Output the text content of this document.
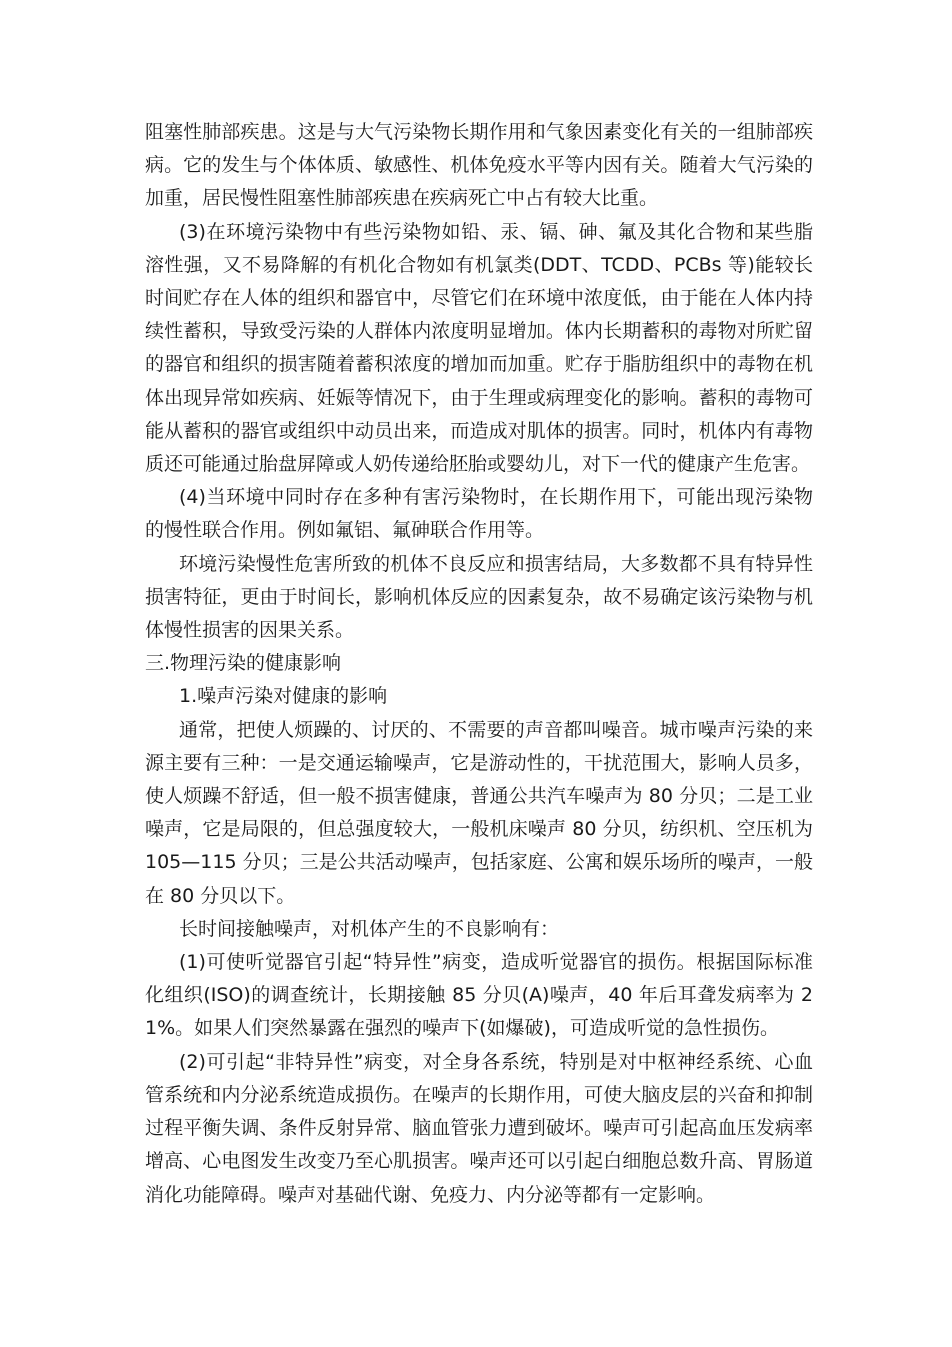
阻塞性肺部疾患。这是与大气污染物长期作用和气象因素变化有关的一组肺部疾病。它的发生与个体体质、敏感性、机体免疫水平等内因有关。随着大气污染的加重，居民慢性阻塞性肺部疾患在疾病死亡中占有较大比重。

(3)在环境污染物中有些污染物如铅、汞、镉、砷、氟及其化合物和某些脂溶性强，又不易降解的有机化合物如有机氯类(DDT、TCDD、PCBs 等)能较长时间贮存在人体的组织和器官中，尽管它们在环境中浓度低，由于能在人体内持续性蓄积，导致受污染的人群体内浓度明显增加。体内长期蓄积的毒物对所贮留的器官和组织的损害随着蓄积浓度的增加而加重。贮存于脂肪组织中的毒物在机体出现异常如疾病、妊娠等情况下，由于生理或病理变化的影响。蓄积的毒物可能从蓄积的器官或组织中动员出来，而造成对肌体的损害。同时，机体内有毒物质还可能通过胎盘屏障或人奶传递给胚胎或婴幼儿，对下一代的健康产生危害。

(4)当环境中同时存在多种有害污染物时，在长期作用下，可能出现污染物的慢性联合作用。例如氟铝、氟砷联合作用等。

环境污染慢性危害所致的机体不良反应和损害结局，大多数都不具有特异性损害特征，更由于时间长，影响机体反应的因素复杂，故不易确定该污染物与机体慢性损害的因果关系。

三.物理污染的健康影响

1.噪声污染对健康的影响

通常，把使人烦躁的、讨厌的、不需要的声音都叫噪音。城市噪声污染的来源主要有三种：一是交通运输噪声，它是游动性的，干扰范围大，影响人员多，使人烦躁不舒适，但一般不损害健康，普通公共汽车噪声为 80 分贝；二是工业噪声，它是局限的，但总强度较大，一般机床噪声 80 分贝，纺织机、空压机为105—115 分贝；三是公共活动噪声，包括家庭、公寓和娱乐场所的噪声，一般在 80 分贝以下。

长时间接触噪声，对机体产生的不良影响有：

(1)可使听觉器官引起“特异性”病变，造成听觉器官的损伤。根据国际标准化组织(ISO)的调查统计，长期接触 85 分贝(A)噪声，40 年后耳聋发病率为 21%。如果人们突然暴露在强烈的噪声下(如爆破)，可造成听觉的急性损伤。

(2)可引起“非特异性”病变，对全身各系统，特别是对中枢神经系统、心血管系统和内分泌系统造成损伤。在噪声的长期作用，可使大脑皮层的兴奋和抑制过程平衡失调、条件反射异常、脑血管张力遭到破坏。噪声可引起高血压发病率增高、心电图发生改变乃至心肌损害。噪声还可以引起白细胞总数升高、胃肠道消化功能障碍。噪声对基础代谢、免疫力、内分泌等都有一定影响。
